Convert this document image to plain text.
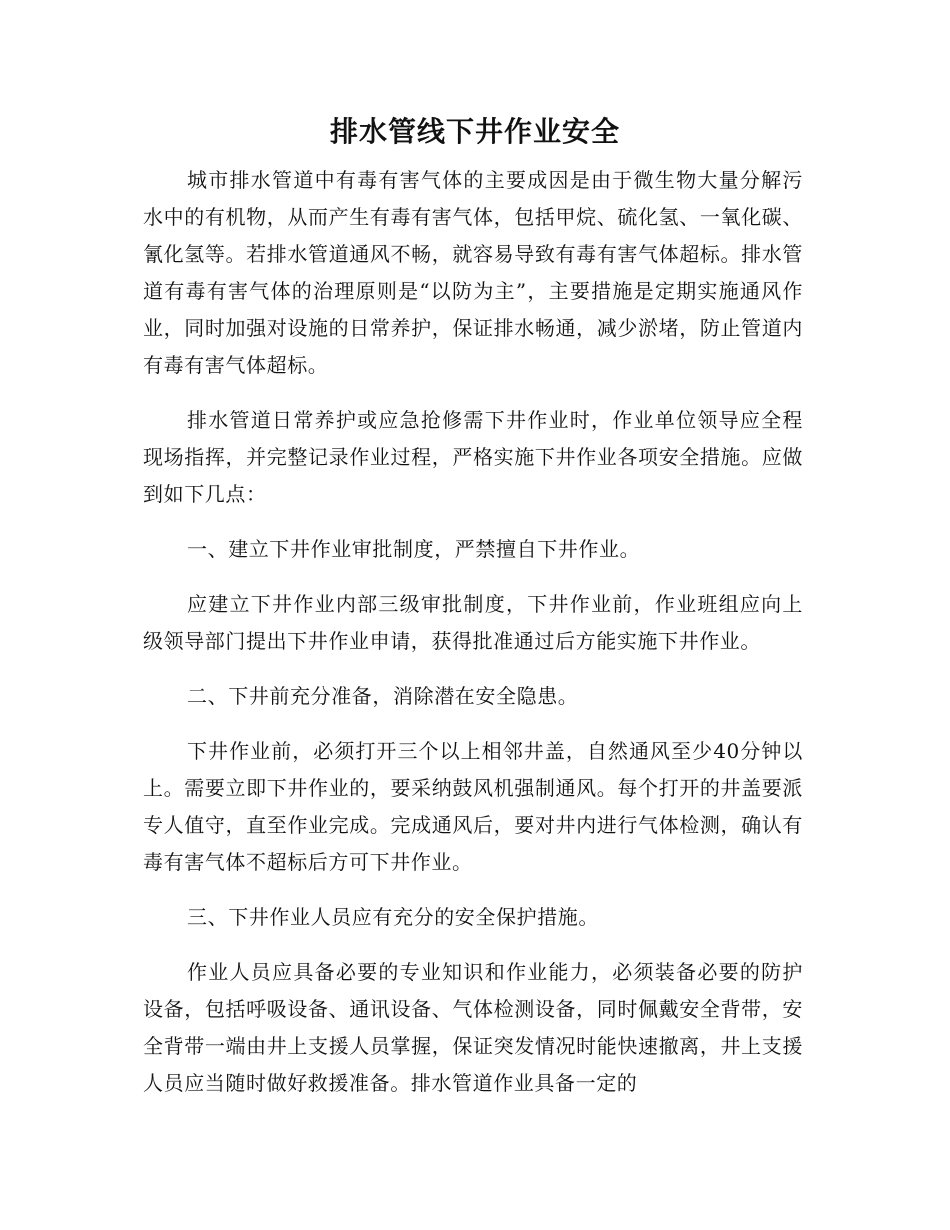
排水管线下井作业安全

城市排水管道中有毒有害气体的主要成因是由于微生物大量分解污水中的有机物，从而产生有毒有害气体，包括甲烷、硫化氢、一氧化碳、氰化氢等。若排水管道通风不畅，就容易导致有毒有害气体超标。排水管道有毒有害气体的治理原则是“以防为主”，主要措施是定期实施通风作业，同时加强对设施的日常养护，保证排水畅通，减少淤堵，防止管道内有毒有害气体超标。

排水管道日常养护或应急抢修需下井作业时，作业单位领导应全程现场指挥，并完整记录作业过程，严格实施下井作业各项安全措施。应做到如下几点：

一、建立下井作业审批制度，严禁擅自下井作业。

应建立下井作业内部三级审批制度，下井作业前，作业班组应向上级领导部门提出下井作业申请，获得批准通过后方能实施下井作业。

二、下井前充分准备，消除潜在安全隐患。

下井作业前，必须打开三个以上相邻井盖，自然通风至少40分钟以上。需要立即下井作业的，要采纳鼓风机强制通风。每个打开的井盖要派专人值守，直至作业完成。完成通风后，要对井内进行气体检测，确认有毒有害气体不超标后方可下井作业。

三、下井作业人员应有充分的安全保护措施。

作业人员应具备必要的专业知识和作业能力，必须装备必要的防护设备，包括呼吸设备、通讯设备、气体检测设备，同时佩戴安全背带，安全背带一端由井上支援人员掌握，保证突发情况时能快速撤离，井上支援人员应当随时做好救援准备。排水管道作业具备一定的
